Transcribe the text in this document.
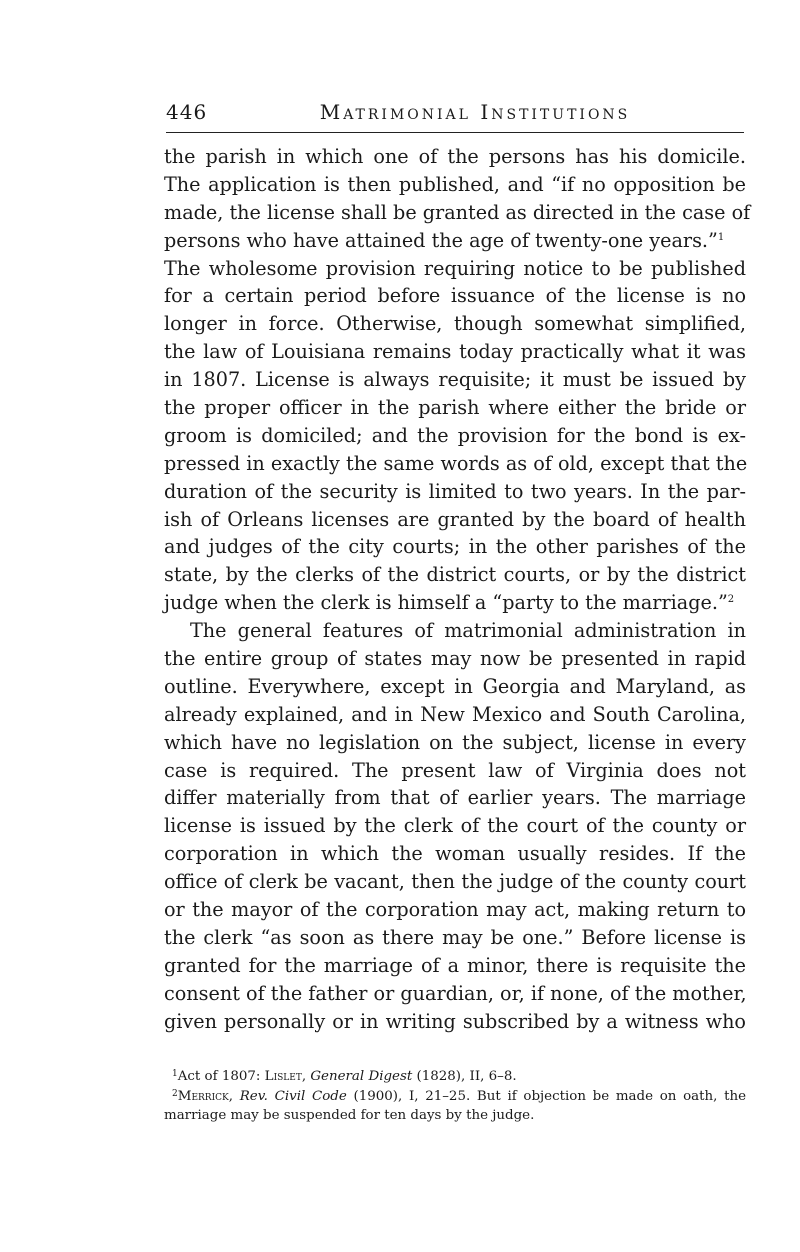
446	Matrimonial Institutions
the parish in which one of the persons has his domicile.
The application is then published, and “if no opposition be
made, the license shall be granted as directed in the case of
persons who have attained the age of twenty-one years.”$^1$
The wholesome provision requiring notice to be published
for a certain period before issuance of the license is no
longer in force. Otherwise, though somewhat simplified,
the law of Louisiana remains today practically what it was
in 1807. License is always requisite; it must be issued by
the proper officer in the parish where either the bride or
groom is domiciled; and the provision for the bond is ex-
pressed in exactly the same words as of old, except that the
duration of the security is limited to two years. In the par-
ish of Orleans licenses are granted by the board of health
and judges of the city courts; in the other parishes of the
state, by the clerks of the district courts, or by the district
judge when the clerk is himself a “party to the marriage.”$^2$
The general features of matrimonial administration in
the entire group of states may now be presented in rapid
outline. Everywhere, except in Georgia and Maryland, as
already explained, and in New Mexico and South Carolina,
which have no legislation on the subject, license in every
case is required. The present law of Virginia does not
differ materially from that of earlier years. The marriage
license is issued by the clerk of the court of the county or
corporation in which the woman usually resides. If the
office of clerk be vacant, then the judge of the county court
or the mayor of the corporation may act, making return to
the clerk “as soon as there may be one.” Before license is
granted for the marriage of a minor, there is requisite the
consent of the father or guardian, or, if none, of the mother,
given personally or in writing subscribed by a witness who
$^1$Act of 1807: Lislet, General Digest (1828), II, 6–8.
$^2$Merrick, Rev. Civil Code (1900), I, 21–25. But if objection be made on oath, the
marriage may be suspended for ten days by the judge.
